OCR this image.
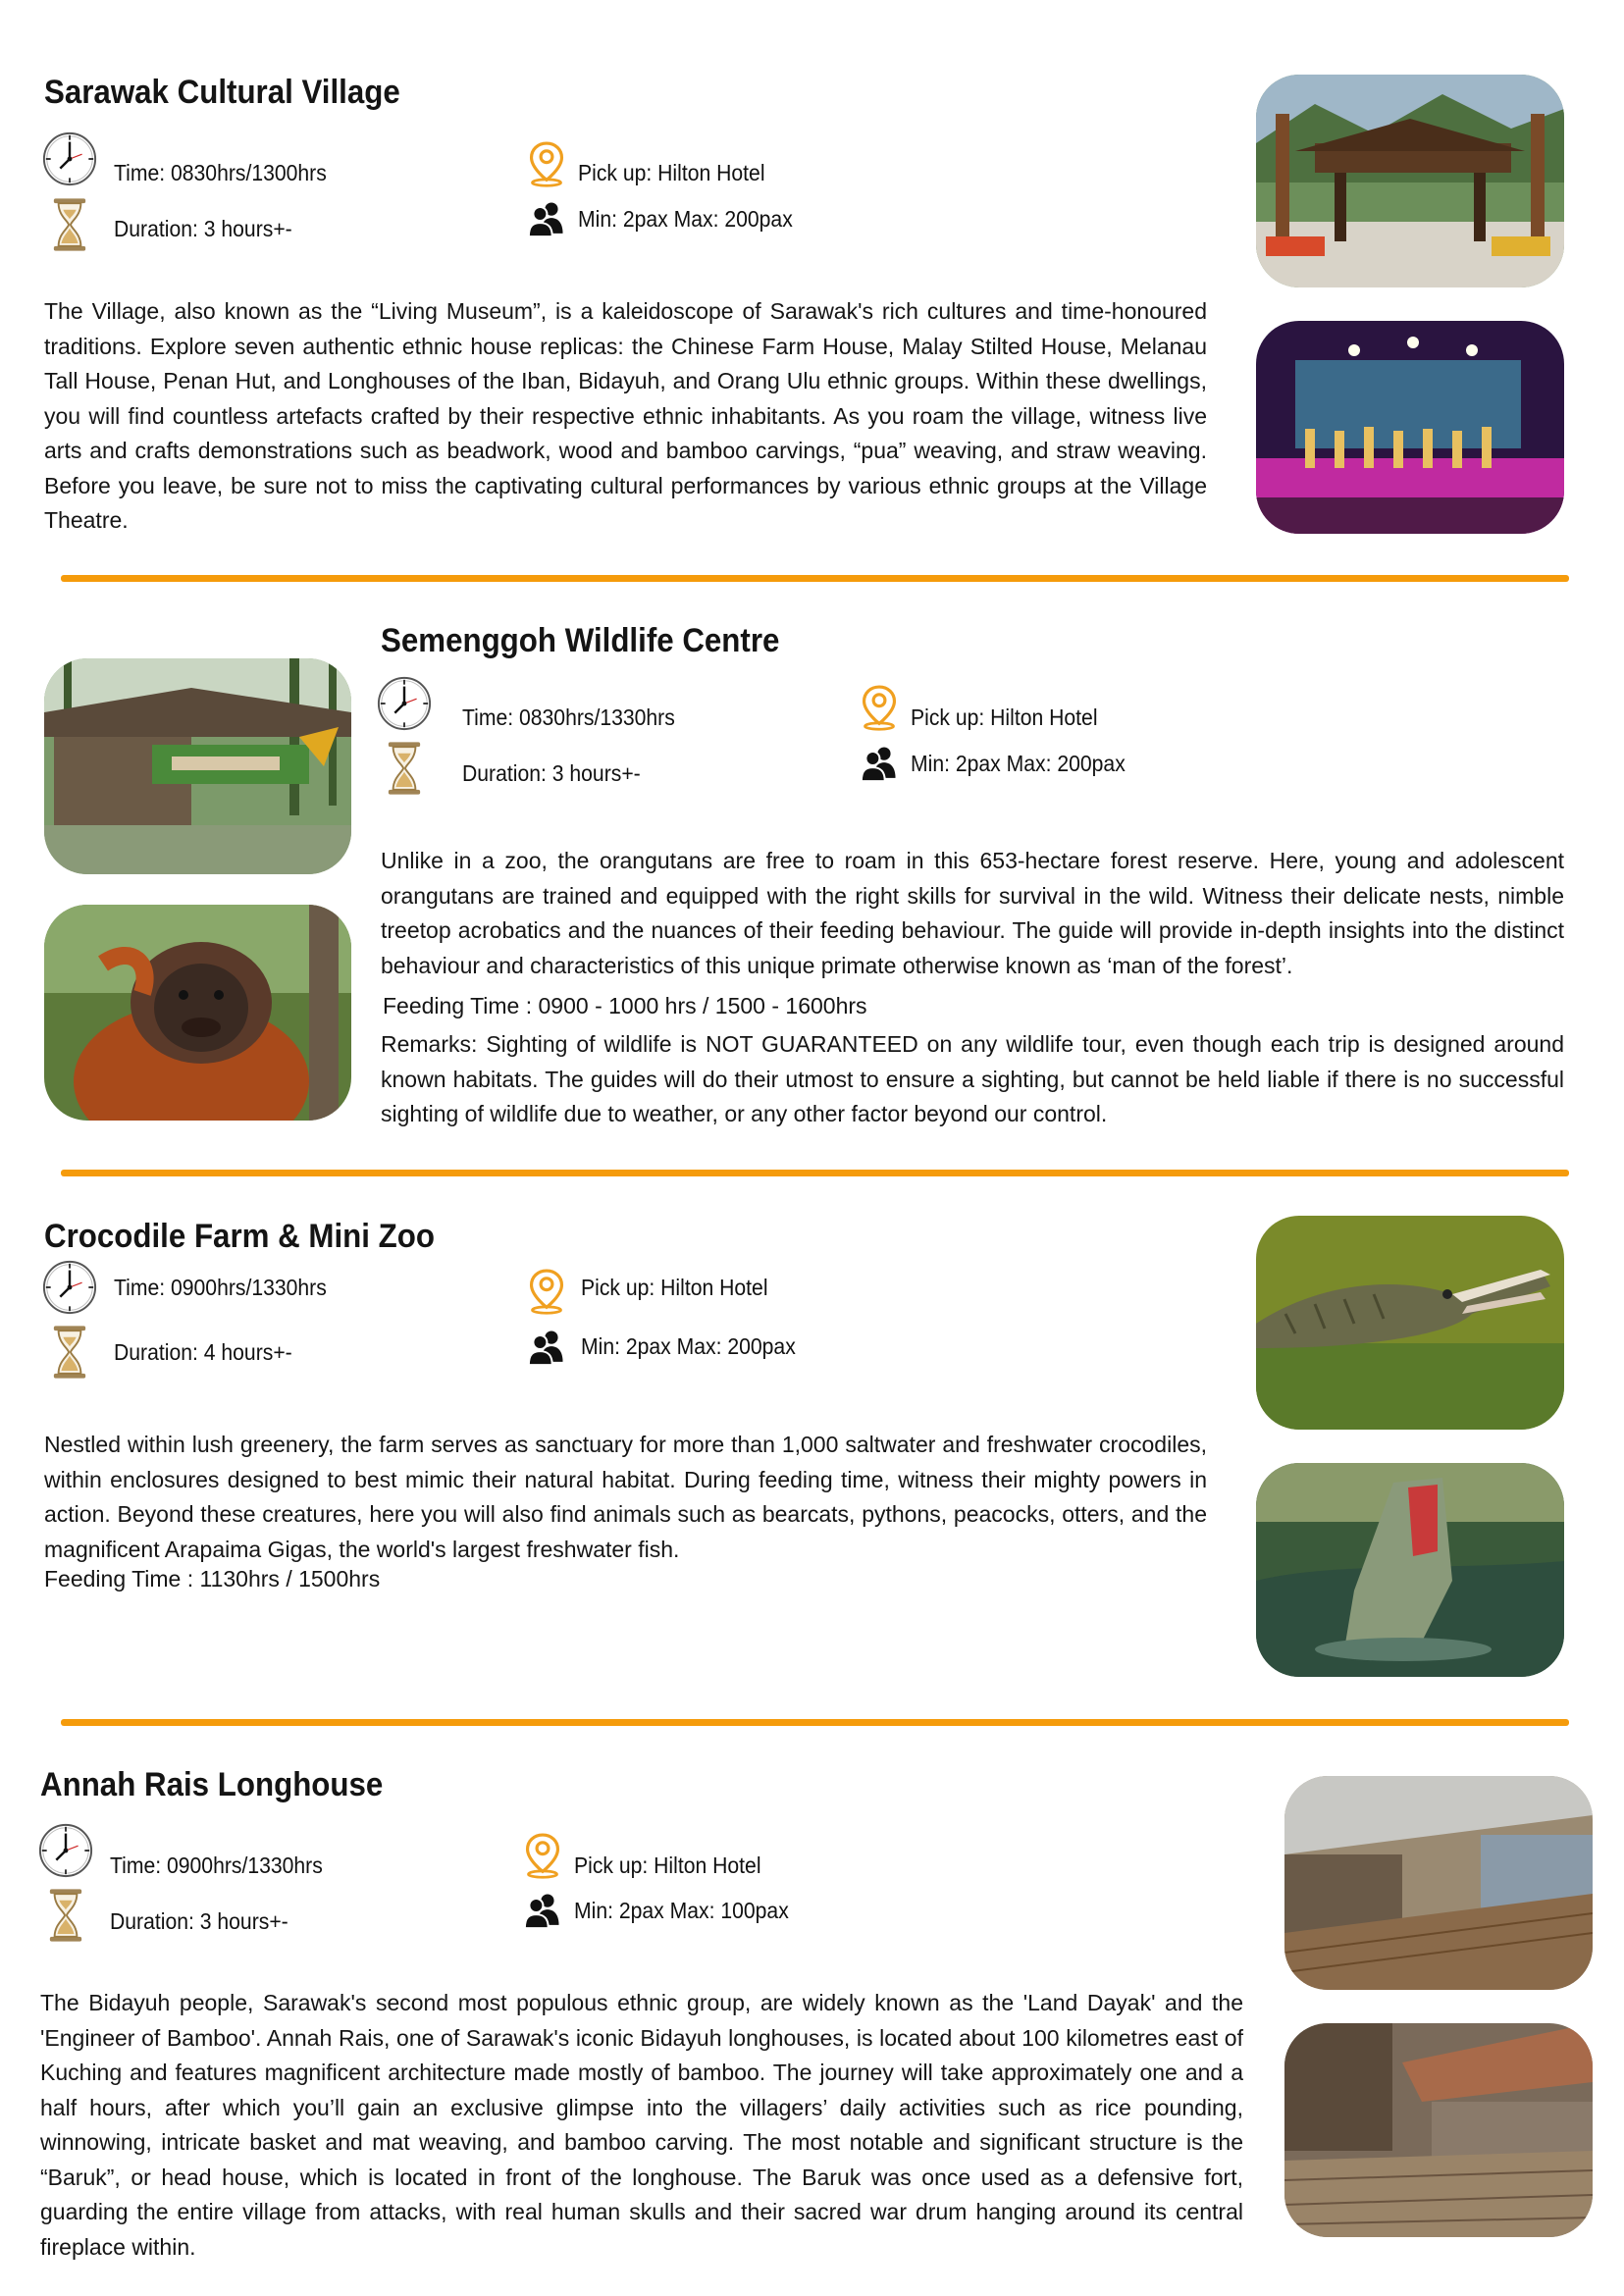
Sarawak Cultural Village
Time: 0830hrs/1300hrs
Duration: 3 hours+-
Pick up: Hilton Hotel
Min: 2pax Max: 200pax
The Village, also known as the “Living Museum”, is a kaleidoscope of Sarawak's rich cultures and time-honoured traditions. Explore seven authentic ethnic house replicas: the Chinese Farm House, Malay Stilted House, Melanau Tall House, Penan Hut, and Longhouses of the Iban, Bidayuh, and Orang Ulu ethnic groups. Within these dwellings, you will find countless artefacts crafted by their respective ethnic inhabitants. As you roam the village, witness live arts and crafts demonstrations such as beadwork, wood and bamboo carvings, “pua” weaving, and straw weaving. Before you leave, be sure not to miss the captivating cultural performances by various ethnic groups at the Village Theatre.
Semenggoh Wildlife Centre
Time: 0830hrs/1330hrs
Duration: 3 hours+-
Pick up: Hilton Hotel
Min: 2pax Max: 200pax
Unlike in a zoo, the orangutans are free to roam in this 653-hectare forest reserve. Here, young and adolescent orangutans are trained and equipped with the right skills for survival in the wild. Witness their delicate nests, nimble treetop acrobatics and the nuances of their feeding behaviour. The guide will provide in-depth insights into the distinct behaviour and characteristics of this unique primate otherwise known as ‘man of the forest’.
Feeding Time : 0900 - 1000 hrs / 1500 - 1600hrs
Remarks: Sighting of wildlife is NOT GUARANTEED on any wildlife tour, even though each trip is designed around known habitats. The guides will do their utmost to ensure a sighting, but cannot be held liable if there is no successful sighting of wildlife due to weather, or any other factor beyond our control.
Crocodile Farm & Mini Zoo
Time: 0900hrs/1330hrs
Duration: 4 hours+-
Pick up: Hilton Hotel
Min: 2pax Max: 200pax
Nestled within lush greenery, the farm serves as sanctuary for more than 1,000 saltwater and freshwater crocodiles, within enclosures designed to best mimic their natural habitat. During feeding time, witness their mighty powers in action. Beyond these creatures, here you will also find animals such as bearcats, pythons, peacocks, otters, and the magnificent Arapaima Gigas, the world's largest freshwater fish.
Feeding Time : 1130hrs / 1500hrs
Annah Rais Longhouse
Time: 0900hrs/1330hrs
Duration: 3 hours+-
Pick up: Hilton Hotel
Min: 2pax Max: 100pax
The Bidayuh people, Sarawak's second most populous ethnic group, are widely known as the 'Land Dayak' and the 'Engineer of Bamboo'. Annah Rais, one of Sarawak's iconic Bidayuh longhouses, is located about 100 kilometres east of Kuching and features magnificent architecture made mostly of bamboo. The journey will take approximately one and a half hours, after which you’ll gain an exclusive glimpse into the villagers’ daily activities such as rice pounding, winnowing, intricate basket and mat weaving, and bamboo carving. The most notable and significant structure is the “Baruk”, or head house, which is located in front of the longhouse. The Baruk was once used as a defensive fort, guarding the entire village from attacks, with real human skulls and their sacred war drum hanging around its central fireplace within.
